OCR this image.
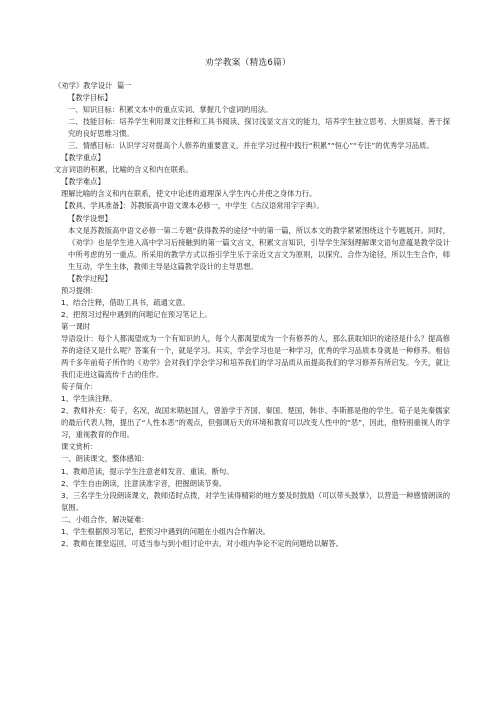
劝学教案（精选6篇）

《劝学》教学设计  篇一

【教学目标】

一、知识目标：积累文本中的重点实词、掌握几个虚词的用法。

二、技能目标：培养学生利用课文注释和工具书阅读、探讨浅显文言文的能力，培养学生独立思考、大胆质疑、善于探究的良好思维习惯。

三、情感目标：认识学习对提高个人修养的重要意义，并在学习过程中践行“积累”“恒心”“专注”的优秀学习品质。

【教学重点】

文言词语的积累，比喻的含义和内在联系。

【教学难点】

理解比喻的含义和内在联系，使文中论述的道理深入学生内心并使之身体力行。

【教具、学具准备】：苏教版高中语文课本必修一，中学生《古汉语常用字字典》。

【教学设想】

本文是苏教版高中语文必修一第二专题“获得教养的途径”中的第一篇，所以本文的教学紧紧围绕这个专题展开。同时，《劝学》也是学生进入高中学习后接触到的第一篇文言文，积累文言知识，引导学生深刻理解课文语句意蕴是教学设计中所考虑的另一重点。所采用的教学方式以指引学生乐于亲近文言文为原则，以探究、合作为途径，所以生生合作，师生互动，学生主体，教师主导是这篇教学设计的主导思想。

【教学过程】

预习提纲：

1、结合注释，借助工具书，疏通文意。

2、把预习过程中遇到的问题记在预习笔记上。

第一课时

导语设计：每个人都渴望成为一个有知识的人，每个人都渴望成为一个有修养的人，那么获取知识的途径是什么？提高修养的途径又是什么呢？答案有一个，就是学习。其实，学会学习也是一种学习，优秀的学习品质本身就是一种修养。相信两千多年前荀子所作的《劝学》会对我们学会学习和培养我们的学习品质从而提高我们的学习修养有所启发。今天，就让我们走进这篇流传千古的佳作。

荀子简介：

1、学生读注释。

2、教师补充：荀子，名况，战国末期赵国人，曾游学于齐国、秦国、楚国，韩非、李斯都是他的学生。荀子是先秦儒家的最后代表人物，提出了“人性本恶”的观点，但强调后天的环境和教育可以改变人性中的“恶”，因此，他特别重视人的学习，重视教育的作用。

课文赏析：

一、朗读课文，整体感知：

1、教师范读，提示学生注意老师发音、重读、断句。

2、学生自由朗读，注意读准字音，把握朗读节奏。

3、三名学生分段朗读课文，教师适时点拨，对学生读得精彩的地方要及时鼓励（可以带头鼓掌），以营造一种感情朗读的氛围。

二、小组合作，解决疑难：

1、学生根据预习笔记，把预习中遇到的问题在小组内合作解决。

2、教师在课堂巡回，可适当参与到小组讨论中去，对小组内争论不定的问题给以解答。
